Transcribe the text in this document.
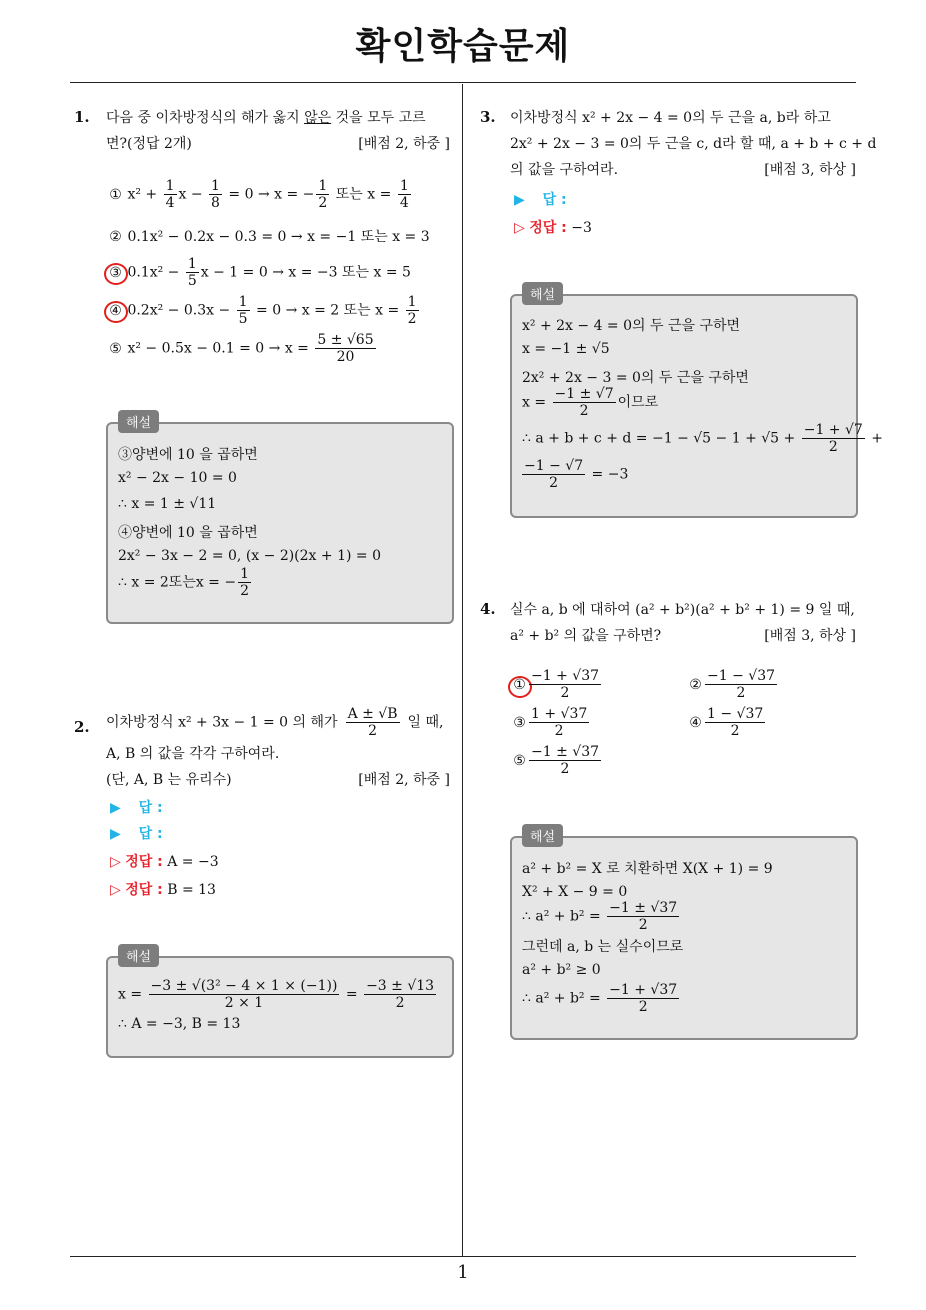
확인학습문제
1
1. 다음 중 이차방정식의 해가 옳지 않은 것을 모두 고르
면?(정답 2개)	[배점 2, 하중 ]
① $x^2 + \frac{1}{4}$ $x - \frac{1}{8} = 0 \to x$ = − $\frac{1}{2}$ 또는 $x = \frac{1}{4}$
② 0.1x² − 0.2x − 0.3 = 0 → x = −1 또는 x = 3
③ $0.1x^2 - \frac{1}{5}$ x − 1 = 0 → x = −3 또는 x = 5
④ $0.2x^2 - 0.3x - \frac{1}{5} = 0 \to x = 2$ 또는 $x = \frac{1}{2}$
⑤ $x^2 - 0.5x - 0.1 = 0 \to x = \frac{5 \pm √65}{20}$
해설
③양변에 10 을 곱하면
x² − 2x − 10 = 0
∴ x = 1 ± √11
④양변에 10 을 곱하면
2x² − 3x − 2 = 0, (x − 2)(2x + 1) = 0
∴ x = 2또는x = − $\frac{1}{2}$
2. 이차방정식 x² + 3x − 1 = 0 의 해가 $\frac{A \pm √B}{2}$ 일 때,
A, B 의 값을 각각 구하여라.
(단, A, B 는 유리수)	[배점 2, 하중 ]
▶ 답 :
▶ 답 :
▷ 정답 : A = −3
▷ 정답 : B = 13
해설
$x = \frac{\text{−3 ± √(3² − 4 × 1 × (−1))}}{2 \times 1} = \frac{-3 \pm √13}{2}$
∴ A = −3, B = 13
3. 이차방정식 x² + 2x − 4 = 0의 두 근을 a, b라 하고
2x² + 2x − 3 = 0의 두 근을 c, d라 할 때, a + b + c + d
의 값을 구하여라.	[배점 3, 하상 ]
▶ 답 :
▷ 정답 : −3
해설
x² + 2x − 4 = 0의 두 근을 구하면
x = −1 ± √5
2x² + 2x − 3 = 0의 두 근을 구하면
$x = \frac{-1 \pm √7}{2}$ 이므로
∴ $a + b + c + d = -1 - √5 - 1 + √5 + \frac{-1 + √7}{2}$ +
$\frac{-1 - √7}{2} = -3$
4. 실수 a, b 에 대하여 (a² + b²)(a² + b² + 1) = 9 일 때,
a² + b² 의 값을 구하면?	[배점 3, 하상 ]
① $\frac{-1 + √37}{2}$	② $\frac{-1 - √37}{2}$
③ $\frac{1 + √37}{2}$	④ $\frac{1 - √37}{2}$
⑤ $\frac{-1 \pm √37}{2}$
해설
a² + b² = X 로 치환하면 X(X + 1) = 9
X² + X − 9 = 0
∴ $a^2 + b^2 = \frac{-1 \pm √37}{2}$
그런데 a, b 는 실수이므로
a² + b² ≥ 0
∴ $a^2 + b^2 = \frac{-1 + √37}{2}$
